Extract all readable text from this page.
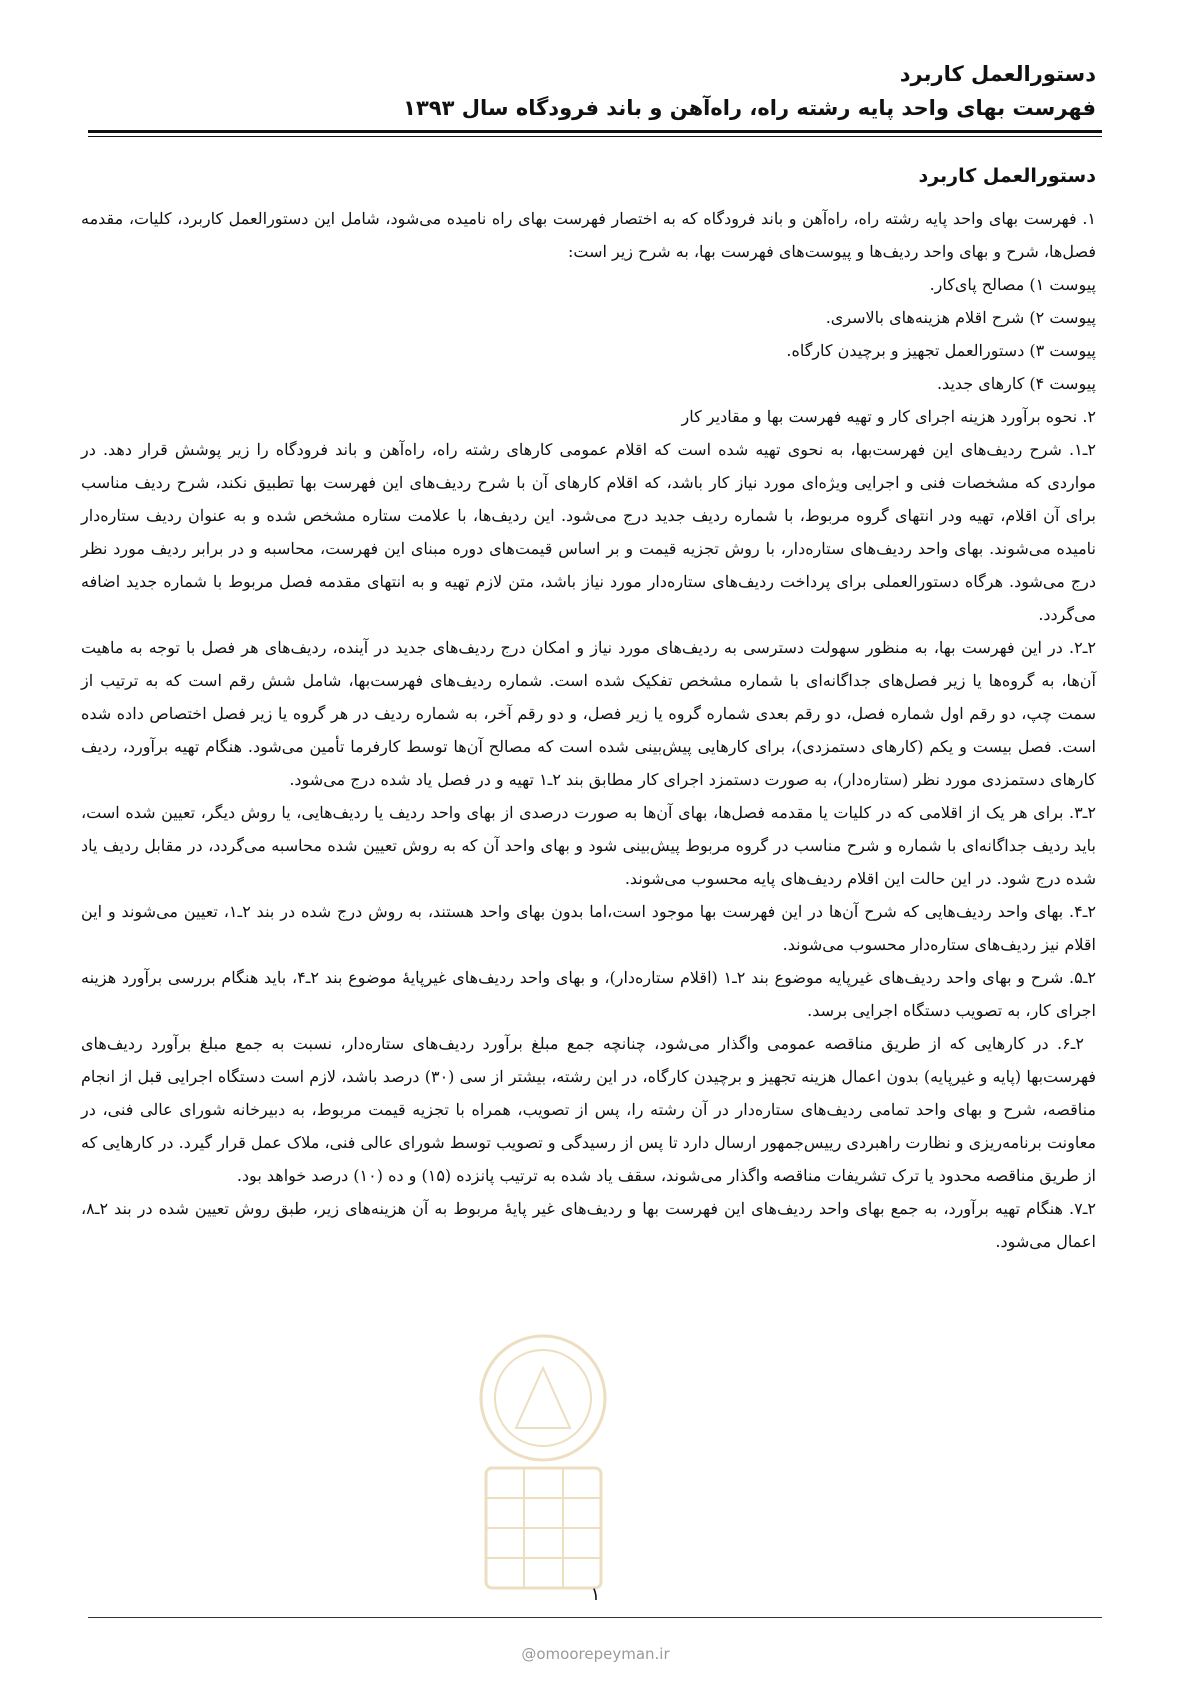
دستورالعمل کاربرد
فهرست بهای واحد پایه رشته راه، راه‌آهن و باند فرودگاه سال ۱۳۹۳
دستورالعمل کاربرد

۱. فهرست بهای واحد پایه رشته راه، راه‌آهن و باند فرودگاه که به اختصار فهرست بهای راه نامیده می‌شود، شامل این دستورالعمل کاربرد، کلیات، مقدمه فصل‌ها، شرح و بهای واحد ردیف‌ها و پیوست‌های فهرست بها، به شرح زیر است:

پیوست ۱) مصالح پای‌کار.

پیوست ۲) شرح اقلام هزینه‌های بالاسری.

پیوست ۳) دستورالعمل تجهیز و برچیدن کارگاه.

پیوست ۴) کارهای جدید.

۲. نحوه برآورد هزینه اجرای کار و تهیه فهرست بها و مقادیر کار

۲ـ۱. شرح ردیف‌های این فهرست‌بها، به نحوی تهیه شده است که اقلام عمومی کارهای رشته راه، راه‌آهن و باند فرودگاه را زیر پوشش قرار دهد. در مواردی که مشخصات فنی و اجرایی ویژه‌ای مورد نیاز کار باشد، که اقلام کارهای آن با شرح ردیف‌های این فهرست بها تطبیق نکند، شرح ردیف مناسب برای آن اقلام، تهیه ودر انتهای گروه مربوط، با شماره ردیف جدید درج می‌شود. این ردیف‌ها، با علامت ستاره مشخص شده و به عنوان ردیف ستاره‌دار نامیده می‌شوند. بهای واحد ردیف‌های ستاره‌دار، با روش تجزیه قیمت و بر اساس قیمت‌های دوره مبنای این فهرست، محاسبه و در برابر ردیف مورد نظر درج می‌شود. هرگاه دستورالعملی برای پرداخت ردیف‌های ستاره‌دار مورد نیاز باشد، متن لازم تهیه و به انتهای مقدمه فصل مربوط با شماره جدید اضافه می‌گردد.

۲ـ۲. در این فهرست بها، به منظور سهولت دسترسی به ردیف‌های مورد نیاز و امکان درج ردیف‌های جدید در آینده، ردیف‌های هر فصل با توجه به ماهیت آن‌ها، به گروه‌ها یا زیر فصل‌های جداگانه‌ای با شماره مشخص تفکیک شده است. شماره ردیف‌های فهرست‌بها، شامل شش رقم است که به ترتیب از سمت چپ، دو رقم اول شماره فصل، دو رقم بعدی شماره گروه یا زیر فصل، و دو رقم آخر، به شماره ردیف در هر گروه یا زیر فصل اختصاص داده شده است. فصل بیست و یکم (کارهای دستمزدی)، برای کارهایی پیش‌بینی شده است که مصالح آن‌ها توسط کارفرما تأمین می‌شود. هنگام تهیه برآورد، ردیف کارهای دستمزدی مورد نظر (ستاره‌دار)، به صورت دستمزد اجرای کار مطابق بند ۲ـ۱ تهیه و در فصل یاد شده درج می‌شود.

۲ـ۳. برای هر یک از اقلامی که در کلیات یا مقدمه فصل‌ها، بهای آن‌ها به صورت درصدی از بهای واحد ردیف یا ردیف‌هایی، یا روش دیگر، تعیین شده است، باید ردیف جداگانه‌ای با شماره و شرح مناسب در گروه مربوط پیش‌بینی شود و بهای واحد آن که به روش تعیین شده محاسبه می‌گردد، در مقابل ردیف یاد شده درج شود. در این حالت این اقلام ردیف‌های پایه محسوب می‌شوند.

۲ـ۴. بهای واحد ردیف‌هایی که شرح آن‌ها در این فهرست بها موجود است،اما بدون بهای واحد هستند، به روش درج شده در بند ۲ـ۱، تعیین می‌شوند و این اقلام نیز ردیف‌های ستاره‌دار محسوب می‌شوند.

۲ـ۵. شرح و بهای واحد ردیف‌های غیرپایه موضوع بند ۲ـ۱ (اقلام ستاره‌دار)، و بهای واحد ردیف‌های غیرپایهٔ موضوع بند ۲ـ۴، باید هنگام بررسی برآورد هزینه اجرای کار، به تصویب دستگاه اجرایی برسد.

۲ـ۶. در کارهایی که از طریق مناقصه عمومی واگذار می‌شود، چنانچه جمع مبلغ برآورد ردیف‌های ستاره‌دار، نسبت به جمع مبلغ برآورد ردیف‌های فهرست‌بها (پایه و غیرپایه) بدون اعمال هزینه تجهیز و برچیدن کارگاه، در این رشته، بیشتر از سی (۳۰) درصد باشد، لازم است دستگاه اجرایی قبل از انجام مناقصه، شرح و بهای واحد تمامی ردیف‌های ستاره‌دار در آن رشته را، پس از تصویب، همراه با تجزیه قیمت مربوط، به دبیرخانه شورای عالی فنی، در معاونت برنامه‌ریزی و نظارت راهبردی رییس‌جمهور ارسال دارد تا پس از رسیدگی و تصویب توسط شورای عالی فنی، ملاک عمل قرار گیرد. در کارهایی که از طریق مناقصه محدود یا ترک تشریفات مناقصه واگذار می‌شوند، سقف یاد شده به ترتیب پانزده (۱۵) و ده (۱۰) درصد خواهد بود.

۲ـ۷. هنگام تهیه برآورد، به جمع بهای واحد ردیف‌های این فهرست بها و ردیف‌های غیر پایهٔ مربوط به آن هزینه‌های زیر، طبق روش تعیین شده در بند ۲ـ۸، اعمال می‌شود.

۱
@omoorepeyman.ir
